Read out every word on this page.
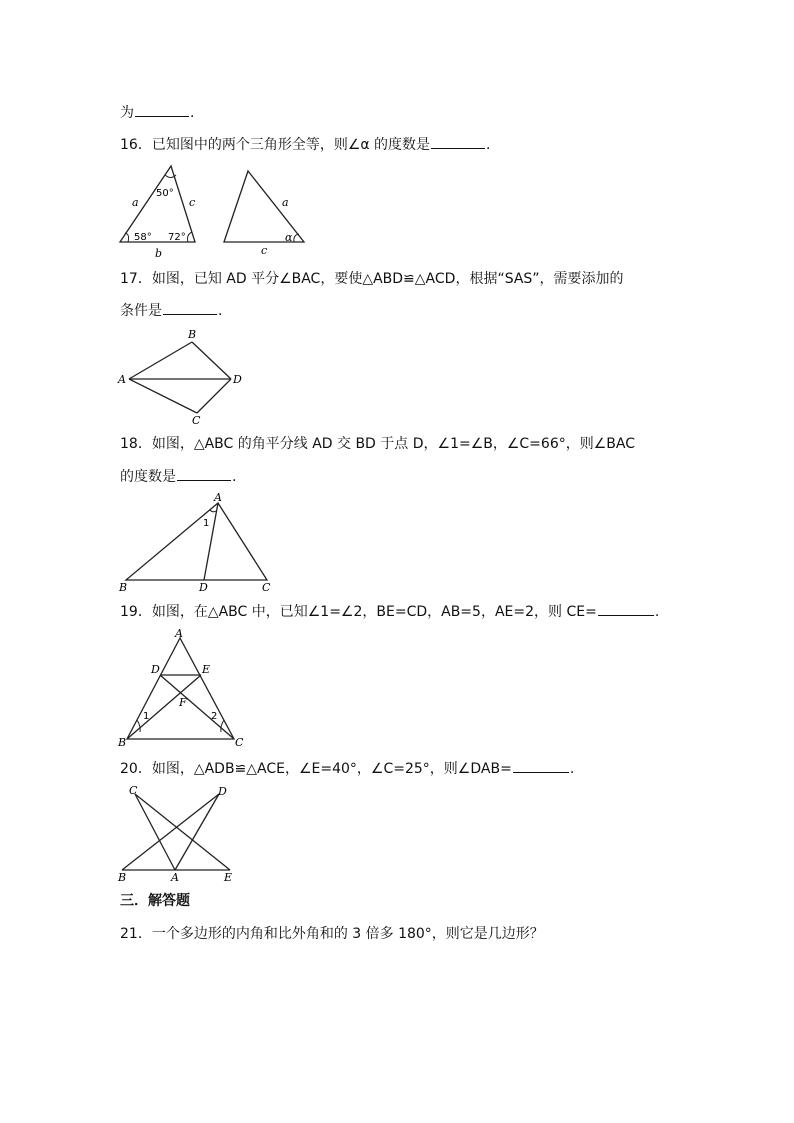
为	.
16．已知图中的两个三角形全等，则∠α 的度数是	.
a	c
b
50°
58° 72°
a
c
α
17．如图，已知 AD 平分∠BAC，要使△ABD≌△ACD，根据“SAS”，需要添加的
条件是	.
A
B
C
D
18．如图，△ABC 的角平分线 AD 交 BD 于点 D，∠1=∠B，∠C=66°，则∠BAC
的度数是	.
A
B	C
D
1
19．如图，在△ABC 中，已知∠1=∠2，BE=CD，AB=5，AE=2，则 CE=	.
A
B	C
D	E
F
1	2
20．如图，△ADB≌△ACE，∠E=40°，∠C=25°，则∠DAB=	.
C	D
B	A	E
三．解答题
21．一个多边形的内角和比外角和的 3 倍多 180°，则它是几边形？
